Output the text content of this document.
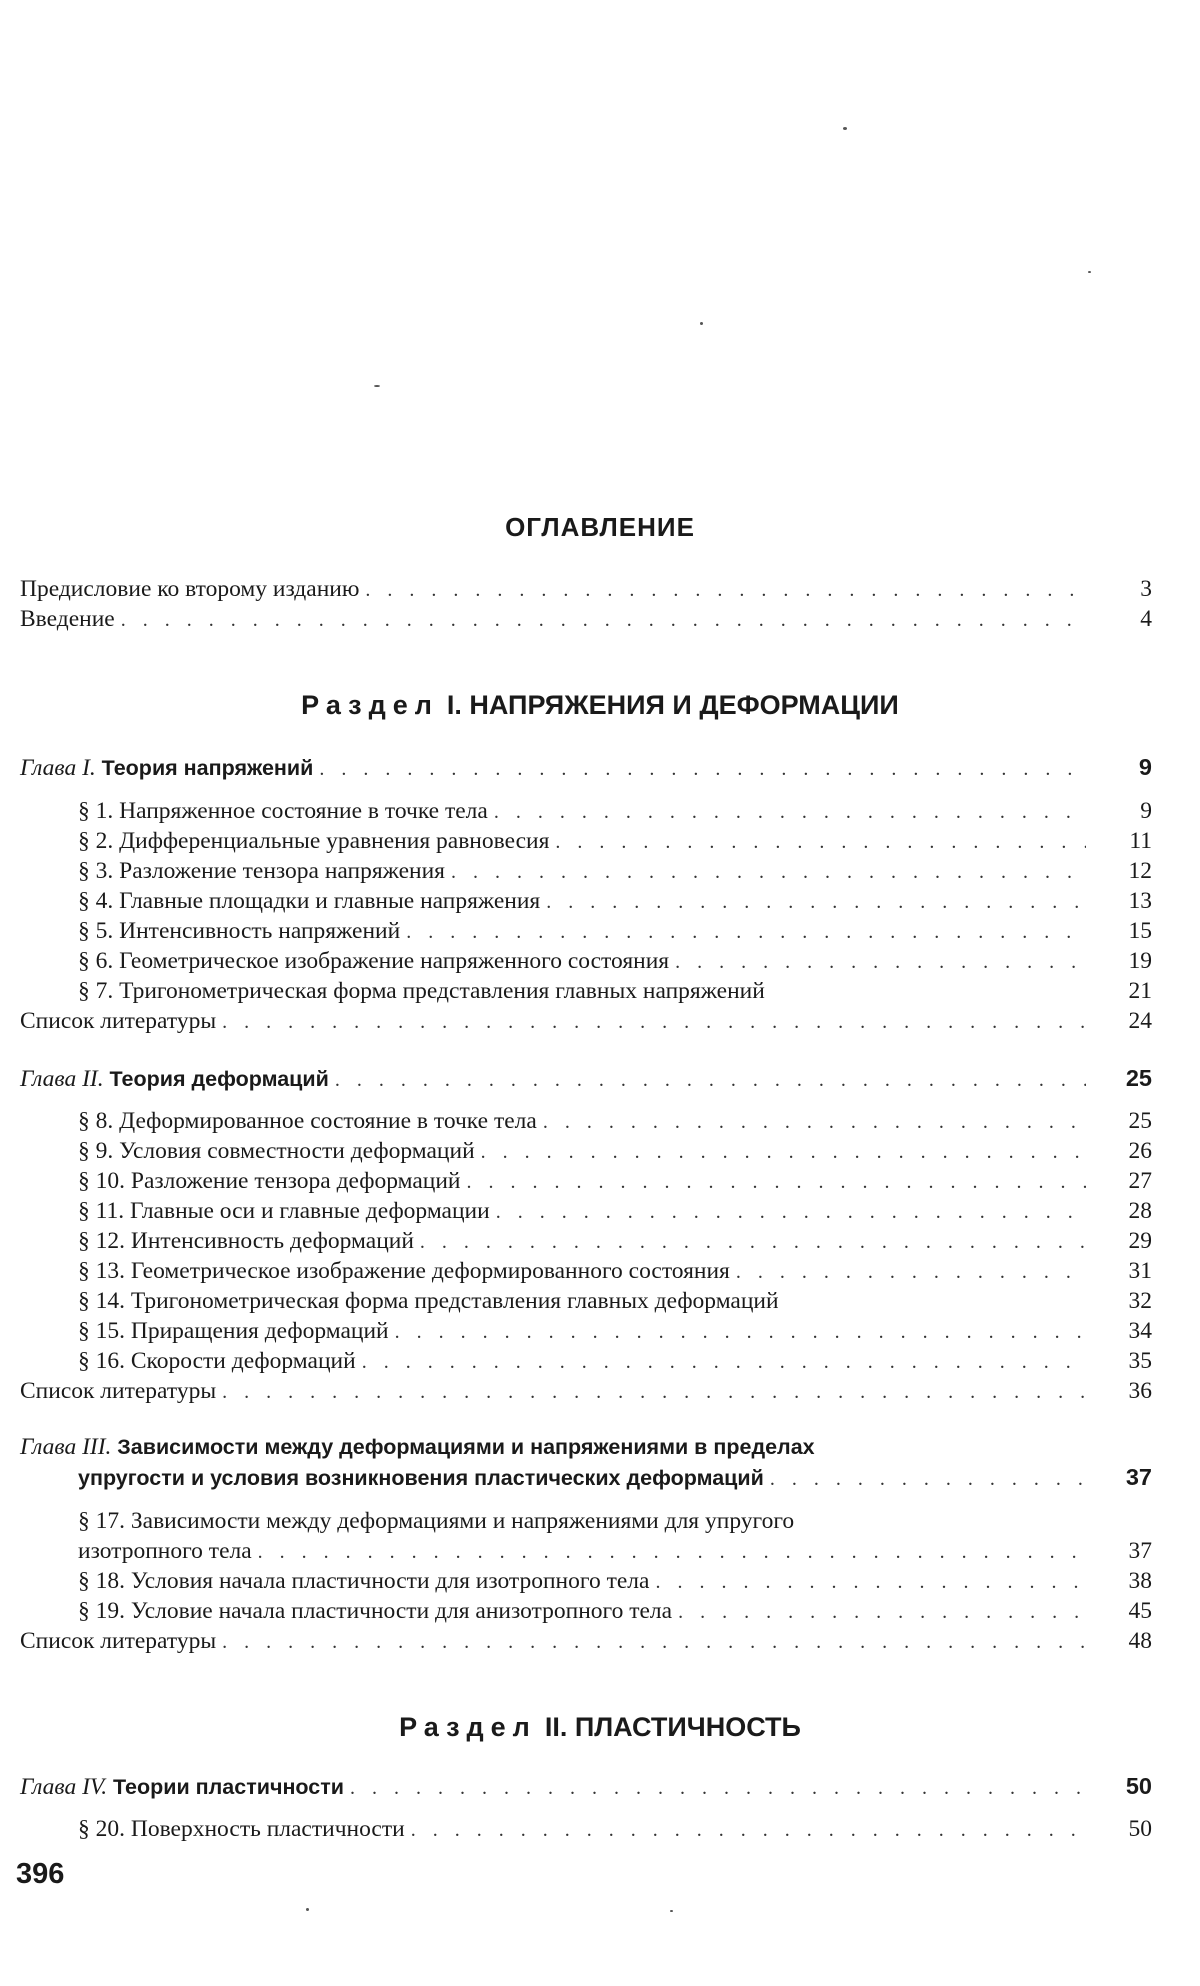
ОГЛАВЛЕНИЕ
Предисловие ко второму изданию . . .	3
Введение . . .	4
Раздел I. НАПРЯЖЕНИЯ И ДЕФОРМАЦИИ
Глава I. Теория напряжений . . .	9
§ 1. Напряженное состояние в точке тела . . .	9
§ 2. Дифференциальные уравнения равновесия . . .	11
§ 3. Разложение тензора напряжения . . .	12
§ 4. Главные площадки и главные напряжения . . .	13
§ 5. Интенсивность напряжений . . .	15
§ 6. Геометрическое изображение напряженного состояния . . .	19
§ 7. Тригонометрическая форма представления главных напряжений	21
Список литературы . . .	24
Глава II. Теория деформаций . . .	25
§ 8. Деформированное состояние в точке тела . . .	25
§ 9. Условия совместности деформаций . . .	26
§ 10. Разложение тензора деформаций . . .	27
§ 11. Главные оси и главные деформации . . .	28
§ 12. Интенсивность деформаций . . .	29
§ 13. Геометрическое изображение деформированного состояния . . .	31
§ 14. Тригонометрическая форма представления главных деформаций	32
§ 15. Приращения деформаций . . .	34
§ 16. Скорости деформаций . . .	35
Список литературы . . .	36
Глава III. Зависимости между деформациями и напряжениями в пределах
упругости и условия возникновения пластических деформаций . . .	37
§ 17. Зависимости между деформациями и напряжениями для упругого
изотропного тела . . .	37
§ 18. Условия начала пластичности для изотропного тела . . .	38
§ 19. Условие начала пластичности для анизотропного тела . . .	45
Список литературы . . .	48
Раздел II. ПЛАСТИЧНОСТЬ
Глава IV. Теории пластичности . . .	50
§ 20. Поверхность пластичности . . .	50
396
